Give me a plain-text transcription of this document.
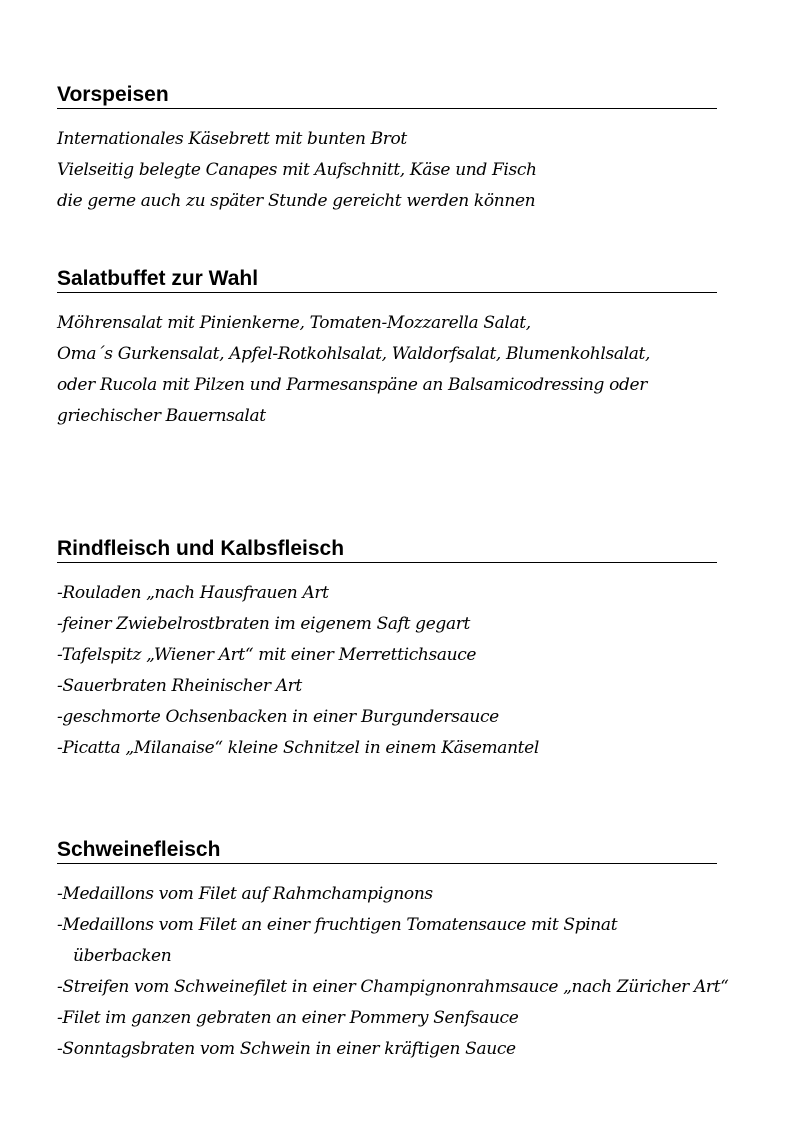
Vorspeisen
Internationales Käsebrett mit bunten Brot
Vielseitig belegte Canapes mit Aufschnitt, Käse und Fisch
die gerne auch zu später Stunde gereicht werden können
Salatbuffet zur Wahl
Möhrensalat mit Pinienkerne, Tomaten-Mozzarella Salat,
Oma´s Gurkensalat, Apfel-Rotkohlsalat, Waldorfsalat, Blumenkohlsalat,
oder Rucola mit Pilzen und Parmesanspäne an Balsamicodressing oder
griechischer Bauernsalat
Rindfleisch und Kalbsfleisch
-Rouladen „nach Hausfrauen Art
-feiner Zwiebelrostbraten im eigenem Saft gegart
-Tafelspitz „Wiener Art“ mit einer Merrettichsauce
-Sauerbraten Rheinischer Art
-geschmorte Ochsenbacken in einer Burgundersauce
-Picatta „Milanaise“ kleine Schnitzel in einem Käsemantel
Schweinefleisch
-Medaillons vom Filet auf Rahmchampignons
-Medaillons vom Filet an einer fruchtigen Tomatensauce mit Spinat
überbacken
-Streifen vom Schweinefilet in einer Champignonrahmsauce „nach Züricher Art“
-Filet im ganzen gebraten an einer Pommery Senfsauce
-Sonntagsbraten vom Schwein in einer kräftigen Sauce
